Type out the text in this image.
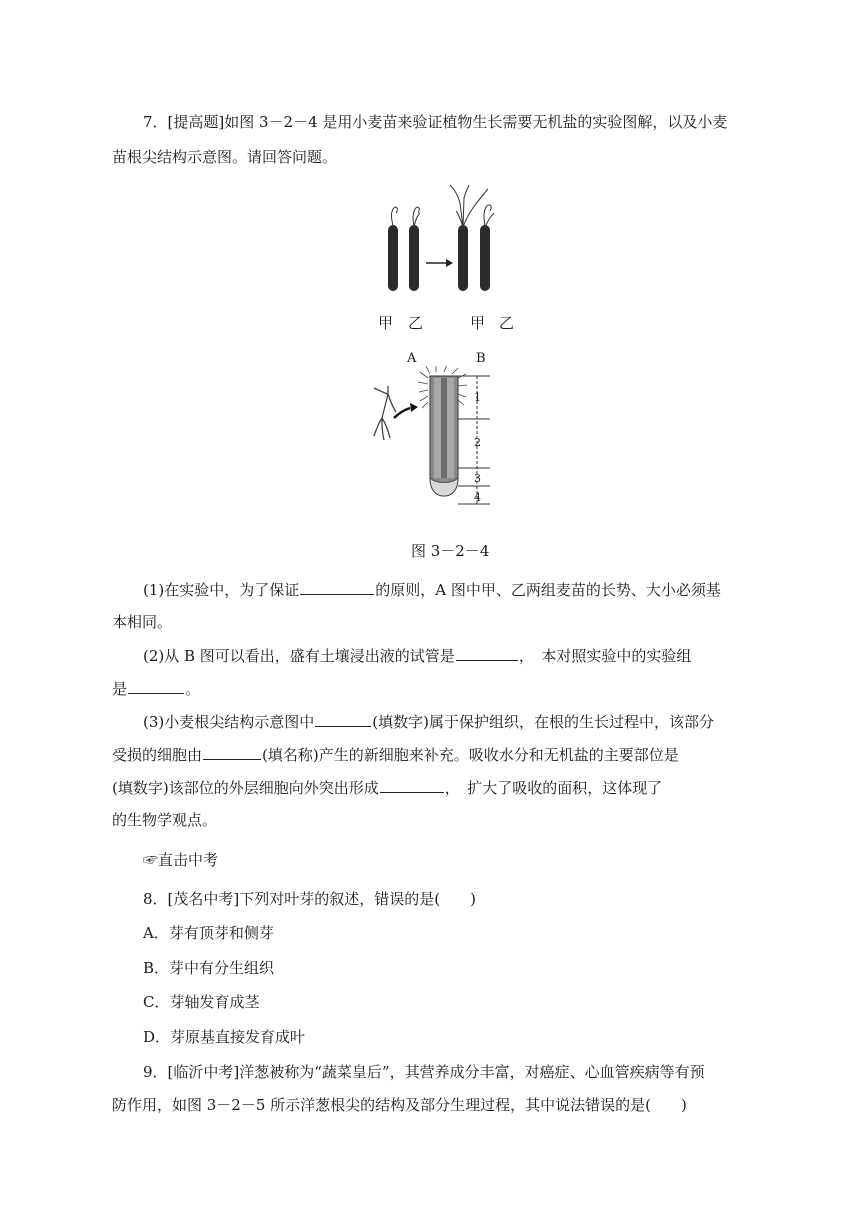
7．[提高题]如图 3－2－4 是用小麦苗来验证植物生长需要无机盐的实验图解，以及小麦
苗根尖结构示意图。请回答问题。
甲 乙	甲 乙
A	B
1
2
3
4
图 3－2－4
(1)在实验中，为了保证	的原则，A 图中甲、乙两组麦苗的长势、大小必须基
本相同。
(2)从 B 图可以看出，盛有土壤浸出液的试管是	，　本对照实验中的实验组
是	。
(3)小麦根尖结构示意图中	(填数字)属于保护组织，在根的生长过程中，该部分
受损的细胞由	(填名称)产生的新细胞来补充。吸收水分和无机盐的主要部位是
(填数字)该部位的外层细胞向外突出形成	，　扩大了吸收的面积，这体现了
的生物学观点。
☞直击中考
8．[茂名中考]下列对叶芽的叙述，错误的是(　　)
A．芽有顶芽和侧芽
B．芽中有分生组织
C．芽轴发育成茎
D．芽原基直接发育成叶
9．[临沂中考]洋葱被称为“蔬菜皇后”，其营养成分丰富，对癌症、心血管疾病等有预
防作用，如图 3－2－5 所示洋葱根尖的结构及部分生理过程，其中说法错误的是(　　)
